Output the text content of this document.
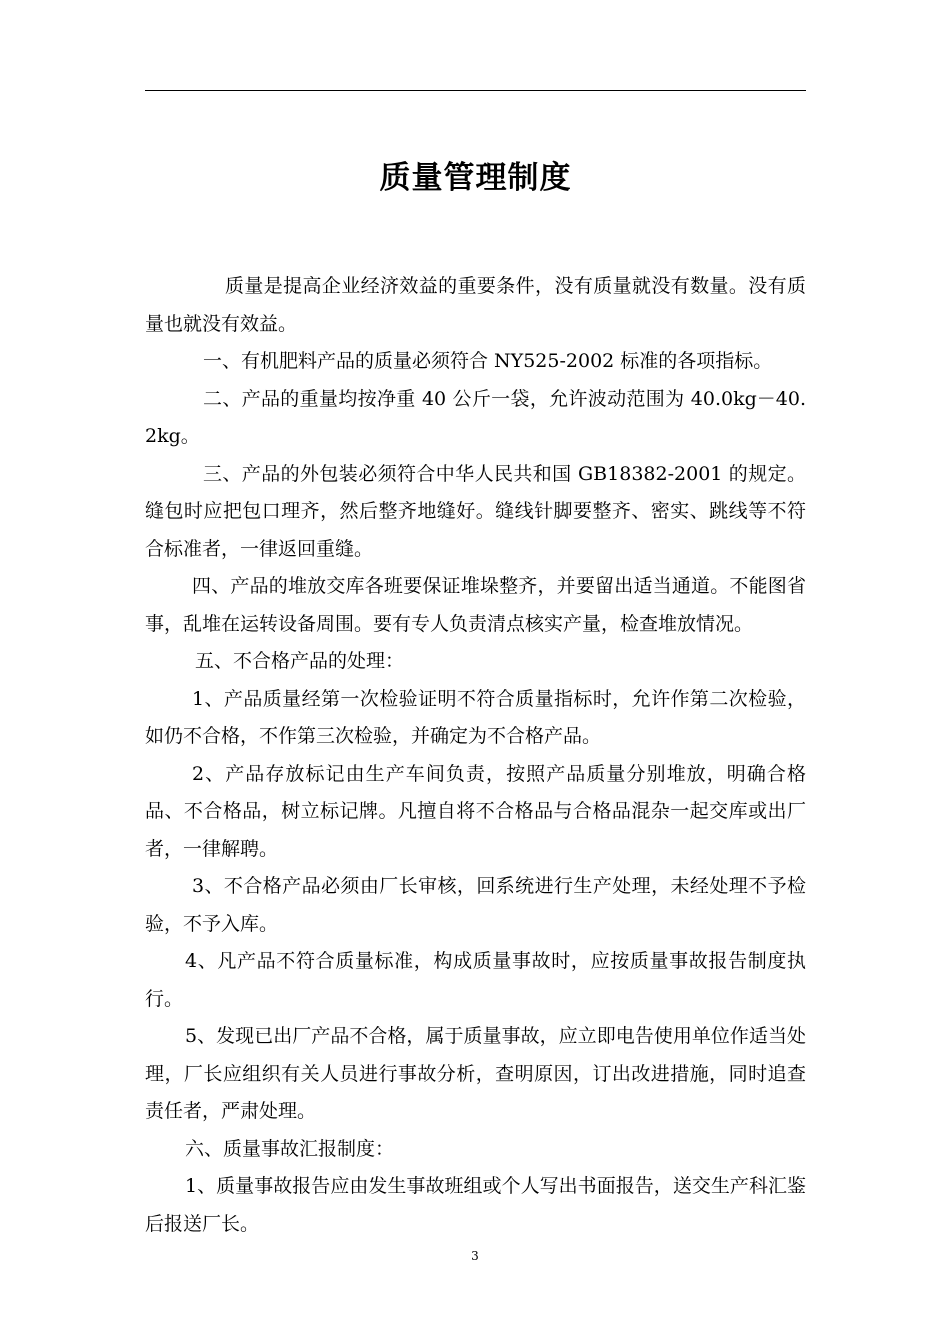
质量管理制度

质量是提高企业经济效益的重要条件，没有质量就没有数量。没有质量也就没有效益。

一、有机肥料产品的质量必须符合 NY525-2002 标准的各项指标。

二、产品的重量均按净重 40 公斤一袋，允许波动范围为 40.0kg－40.2kg。

三、产品的外包装必须符合中华人民共和国 GB18382-2001 的规定。缝包时应把包口理齐，然后整齐地缝好。缝线针脚要整齐、密实、跳线等不符合标准者，一律返回重缝。

四、产品的堆放交库各班要保证堆垛整齐，并要留出适当通道。不能图省事，乱堆在运转设备周围。要有专人负责清点核实产量，检查堆放情况。

五、不合格产品的处理：

1、产品质量经第一次检验证明不符合质量指标时，允许作第二次检验，如仍不合格，不作第三次检验，并确定为不合格产品。

2、产品存放标记由生产车间负责，按照产品质量分别堆放，明确合格品、不合格品，树立标记牌。凡擅自将不合格品与合格品混杂一起交库或出厂者，一律解聘。

3、不合格产品必须由厂长审核，回系统进行生产处理，未经处理不予检验，不予入库。

4、凡产品不符合质量标准，构成质量事故时，应按质量事故报告制度执行。

5、发现已出厂产品不合格，属于质量事故，应立即电告使用单位作适当处理，厂长应组织有关人员进行事故分析，查明原因，订出改进措施，同时追查责任者，严肃处理。

六、质量事故汇报制度：

1、质量事故报告应由发生事故班组或个人写出书面报告，送交生产科汇鉴后报送厂长。

3
